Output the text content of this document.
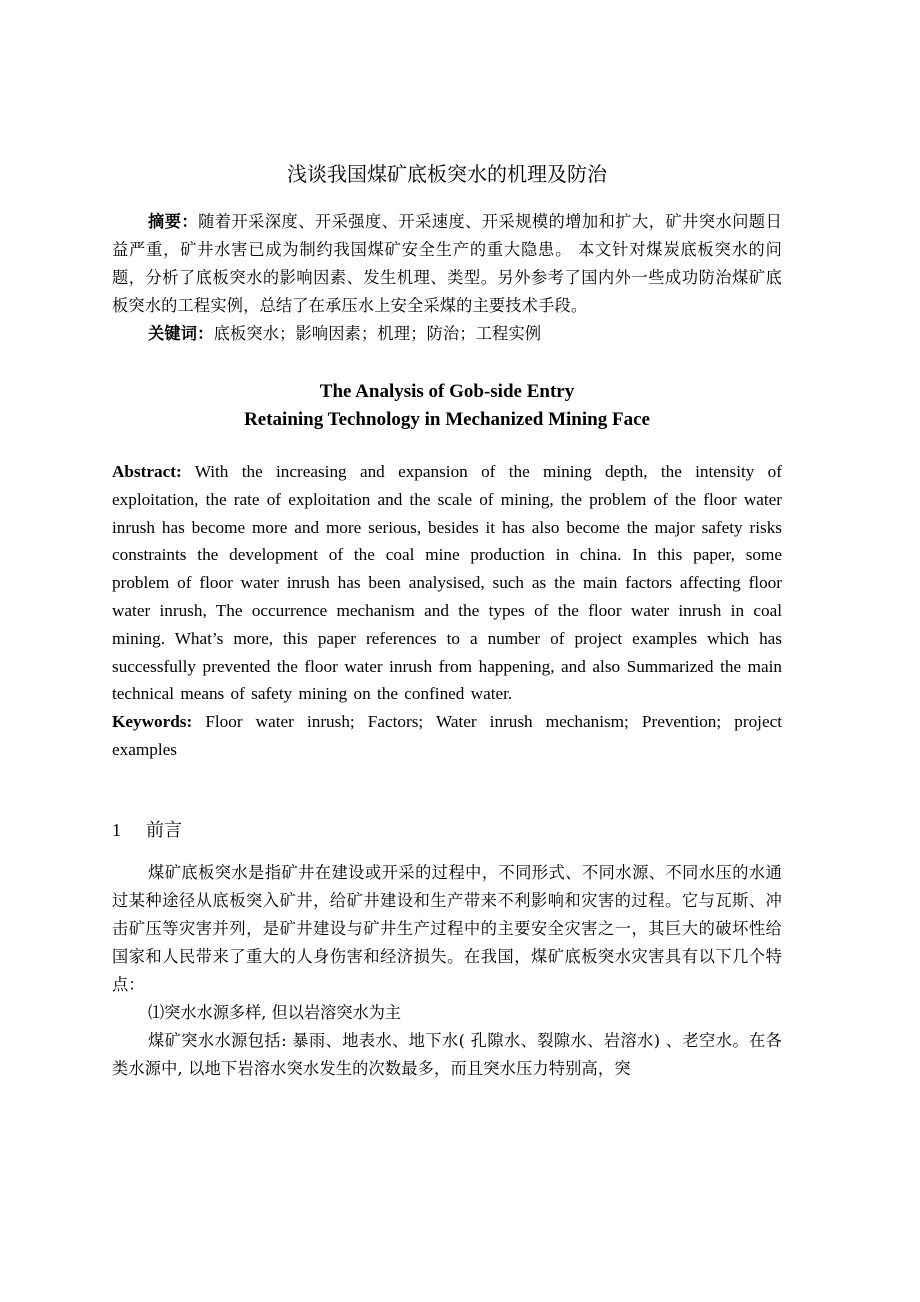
浅谈我国煤矿底板突水的机理及防治

摘要：随着开采深度、开采强度、开采速度、开采规模的增加和扩大，矿井突水问题日益严重，矿井水害已成为制约我国煤矿安全生产的重大隐患。 本文针对煤炭底板突水的问题，分析了底板突水的影响因素、发生机理、类型。另外参考了国内外一些成功防治煤矿底板突水的工程实例，总结了在承压水上安全采煤的主要技术手段。

关键词：底板突水；影响因素；机理；防治；工程实例

The Analysis of Gob-side Entry
Retaining Technology in Mechanized Mining Face

Abstract: With the increasing and expansion of the mining depth, the intensity of exploitation, the rate of exploitation and the scale of mining, the problem of the floor water inrush has become more and more serious, besides it has also become the major safety risks constraints the development of the coal mine production in china. In this paper, some problem of floor water inrush has been analysised, such as the main factors affecting floor water inrush, The occurrence mechanism and the types of the floor water inrush in coal mining. What’s more, this paper references to a number of project examples which has successfully prevented the floor water inrush from happening, and also Summarized the main technical means of safety mining on the confined water.

Keywords: Floor water inrush; Factors; Water inrush mechanism; Prevention; project examples

1 前言

煤矿底板突水是指矿井在建设或开采的过程中，不同形式、不同水源、不同水压的水通过某种途径从底板突入矿井，给矿井建设和生产带来不利影响和灾害的过程。它与瓦斯、冲击矿压等灾害并列，是矿井建设与矿井生产过程中的主要安全灾害之一，其巨大的破坏性给国家和人民带来了重大的人身伤害和经济损失。在我国，煤矿底板突水灾害具有以下几个特点：

⑴突水水源多样, 但以岩溶突水为主

煤矿突水水源包括: 暴雨、地表水、地下水( 孔隙水、裂隙水、岩溶水) 、老空水。在各类水源中, 以地下岩溶水突水发生的次数最多，而且突水压力特别高，突
